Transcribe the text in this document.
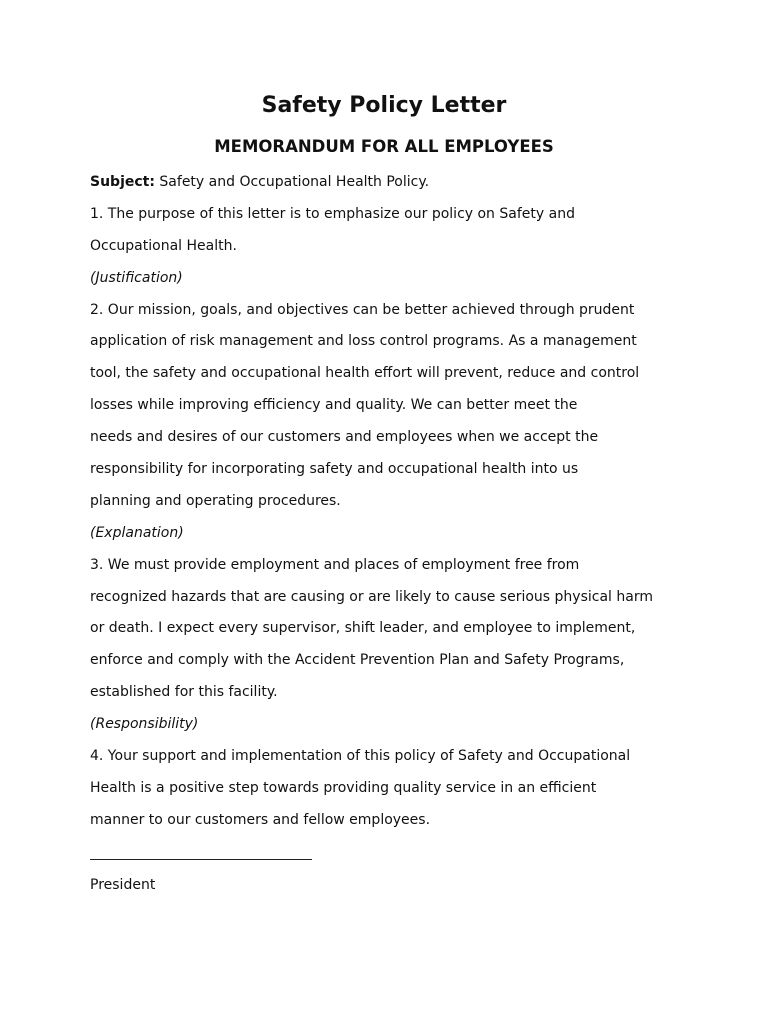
Safety Policy Letter
MEMORANDUM FOR ALL EMPLOYEES
Subject: Safety and Occupational Health Policy.
1. The purpose of this letter is to emphasize our policy on Safety and
Occupational Health.
(Justification)
2. Our mission, goals, and objectives can be better achieved through prudent
application of risk management and loss control programs. As a management
tool, the safety and occupational health effort will prevent, reduce and control
losses while improving efficiency and quality. We can better meet the
needs and desires of our customers and employees when we accept the
responsibility for incorporating safety and occupational health into us
planning and operating procedures.
(Explanation)
3. We must provide employment and places of employment free from
recognized hazards that are causing or are likely to cause serious physical harm
or death. I expect every supervisor, shift leader, and employee to implement,
enforce and comply with the Accident Prevention Plan and Safety Programs,
established for this facility.
(Responsibility)
4. Your support and implementation of this policy of Safety and Occupational
Health is a positive step towards providing quality service in an efficient
manner to our customers and fellow employees.
President
